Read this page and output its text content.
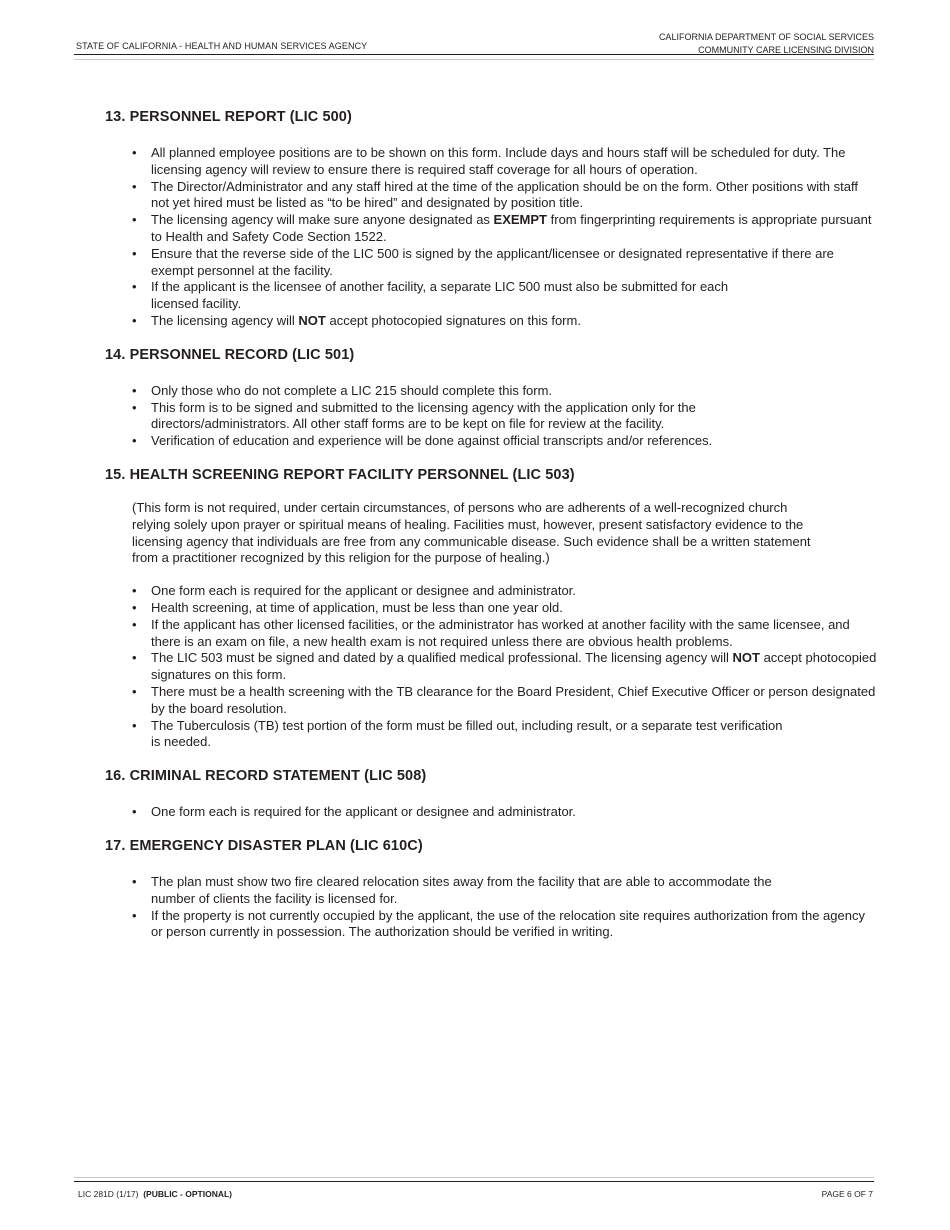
STATE OF CALIFORNIA - HEALTH AND HUMAN SERVICES AGENCY
CALIFORNIA DEPARTMENT OF SOCIAL SERVICES
COMMUNITY CARE LICENSING DIVISION
13. PERSONNEL REPORT (LIC 500)
• All planned employee positions are to be shown on this form. Include days and hours staff will be scheduled for duty. The licensing agency will review to ensure there is required staff coverage for all hours of operation.
• The Director/Administrator and any staff hired at the time of the application should be on the form. Other positions with staff not yet hired must be listed as “to be hired” and designated by position title.
• The licensing agency will make sure anyone designated as EXEMPT from fingerprinting requirements is appropriate pursuant to Health and Safety Code Section 1522.
• Ensure that the reverse side of the LIC 500 is signed by the applicant/licensee or designated representative if there are exempt personnel at the facility.
• If the applicant is the licensee of another facility, a separate LIC 500 must also be submitted for each
licensed facility.
• The licensing agency will NOT accept photocopied signatures on this form.
14. PERSONNEL RECORD (LIC 501)
• Only those who do not complete a LIC 215 should complete this form.
• This form is to be signed and submitted to the licensing agency with the application only for the
directors/administrators. All other staff forms are to be kept on file for review at the facility.
• Verification of education and experience will be done against official transcripts and/or references.
15. HEALTH SCREENING REPORT FACILITY PERSONNEL (LIC 503)
(This form is not required, under certain circumstances, of persons who are adherents of a well-recognized church
relying solely upon prayer or spiritual means of healing. Facilities must, however, present satisfactory evidence to the
licensing agency that individuals are free from any communicable disease. Such evidence shall be a written statement
from a practitioner recognized by this religion for the purpose of healing.)
• One form each is required for the applicant or designee and administrator.
• Health screening, at time of application, must be less than one year old.
• If the applicant has other licensed facilities, or the administrator has worked at another facility with the same licensee, and there is an exam on file, a new health exam is not required unless there are obvious health problems.
• The LIC 503 must be signed and dated by a qualified medical professional. The licensing agency will NOT accept photocopied signatures on this form.
• There must be a health screening with the TB clearance for the Board President, Chief Executive Officer or person designated by the board resolution.
• The Tuberculosis (TB) test portion of the form must be filled out, including result, or a separate test verification
is needed.
16. CRIMINAL RECORD STATEMENT (LIC 508)
• One form each is required for the applicant or designee and administrator.
17. EMERGENCY DISASTER PLAN (LIC 610C)
• The plan must show two fire cleared relocation sites away from the facility that are able to accommodate the
number of clients the facility is licensed for.
• If the property is not currently occupied by the applicant, the use of the relocation site requires authorization from the agency or person currently in possession. The authorization should be verified in writing.
LIC 281D (1/17) (PUBLIC - OPTIONAL)	PAGE 6 OF 7
